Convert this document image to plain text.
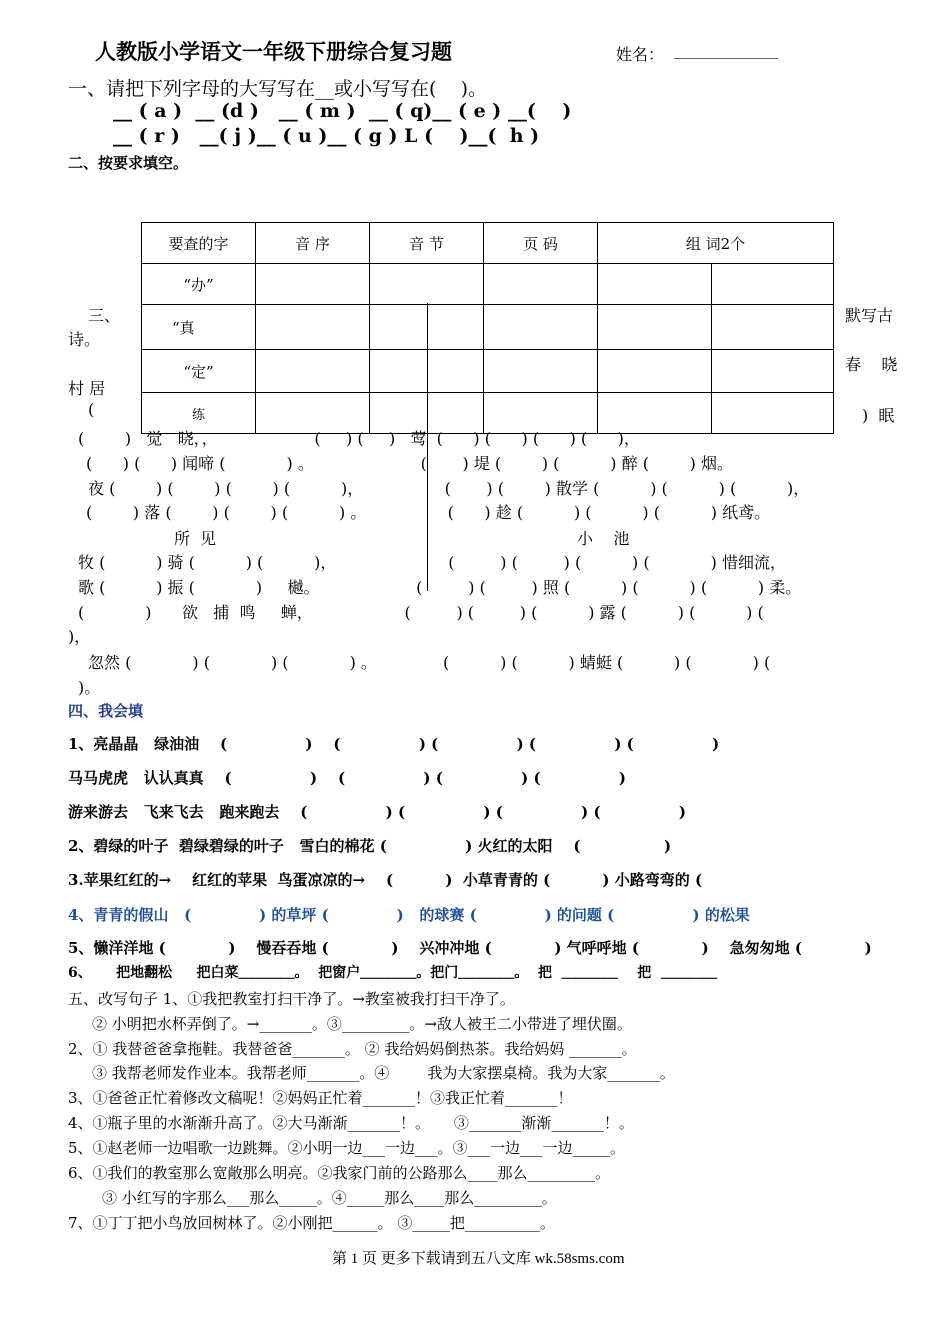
人教版小学语文一年级下册综合复习题	姓名： _____________
一、请把下列字母的大写写在__或小写写在(    )。
__ ( a )  __ (d )   __ ( m )  __ ( q)__ ( e ) __(    )
__ ( r )   __( j )__ ( u )__ ( g ) L (    )__(  h )
二、按要求填空。
要查的字	音 序	音 节	页 码	组 词2个	
“办”					
“真					
“定”					
练					
三、
诗。
默写古
春    晓
村 居
(	)  眠
(        )   觉   晓，，                   (     ) (     )   莺  (      ) (      ) (      ) (      )，
(      ) (      ) 闻啼 (            ) 。                     (       ) 堤 (        ) (          ) 醉 (        ) 烟。
夜 (        ) (        ) (        ) (          )，                (       ) (        ) 散学 (          ) (          ) (          )，
(        ) 落 (        ) (        ) (          ) 。                (      ) 趁 (          ) (          ) (          ) 纸鸢。
所  见	小    池
牧 (          ) 骑 (          ) (          )，                      (         ) (         ) (          ) (            ) 惜细流，
歌 (          ) 振 (            )     樾。                   (         ) (         ) 照 (          ) (          ) (          ) 柔。
(            )      欲   捕  鸣     蝉，                  (         ) (         ) (          ) 露 (          ) (          ) (
)，
忽然 (            ) (            ) (            ) 。             (          ) (          ) 蜻蜓 (          ) (            ) (
)。
四、我会填
1、亮晶晶   绿油油    (               )    (               ) (               ) (               ) (               )
马马虎虎   认认真真    (               )    (               ) (               ) (               )
游来游去   飞来飞去   跑来跑去    (               ) (               ) (               ) (               )
2、碧绿的叶子  碧绿碧绿的叶子   雪白的棉花 (               ) 火红的太阳    (                )
3.苹果红红的→    红红的苹果  鸟蛋凉凉的→    (          )  小草青青的 (          ) 小路弯弯的 (
4、青青的假山   (             ) 的草坪 (             )   的球赛 (             ) 的问题 (               ) 的松果
5、懒洋洋地 (            )    慢吞吞地 (            )    兴冲冲地 (            ) 气呼呼地 (            )    急匆匆地 (            )
6、     把地翻松     把白菜＿＿＿＿。  把窗户＿＿＿＿。把门＿＿＿＿。  把  ＿＿＿＿    把  ＿＿＿＿
五、改写句子 1、①我把教室打扫干净了。→教室被我打扫干净了。
② 小明把水杯弄倒了。→_______。③_________。→敌人被王二小带进了埋伏圈。
2、① 我替爸爸拿拖鞋。我替爸爸_______。 ② 我给妈妈倒热茶。我给妈妈 _______。
③ 我帮老师发作业本。我帮老师_______。④        我为大家摆桌椅。我为大家_______。
3、①爸爸正忙着修改文稿呢！②妈妈正忙着_______！③我正忙着_______！
4、①瓶子里的水渐渐升高了。②大马渐渐_______！。     ③_______渐渐_______！。
5、①赵老师一边唱歌一边跳舞。②小明一边___一边___。③___一边___一边_____。
6、①我们的教室那么宽敞那么明亮。②我家门前的公路那么____那么_________。
③ 小红写的字那么___那么_____。④_____那么____那么_________。
7、①丁丁把小鸟放回树林了。②小刚把______。 ③_____把__________。
第 1 页 更多下载请到五八文库 wk.58sms.com
